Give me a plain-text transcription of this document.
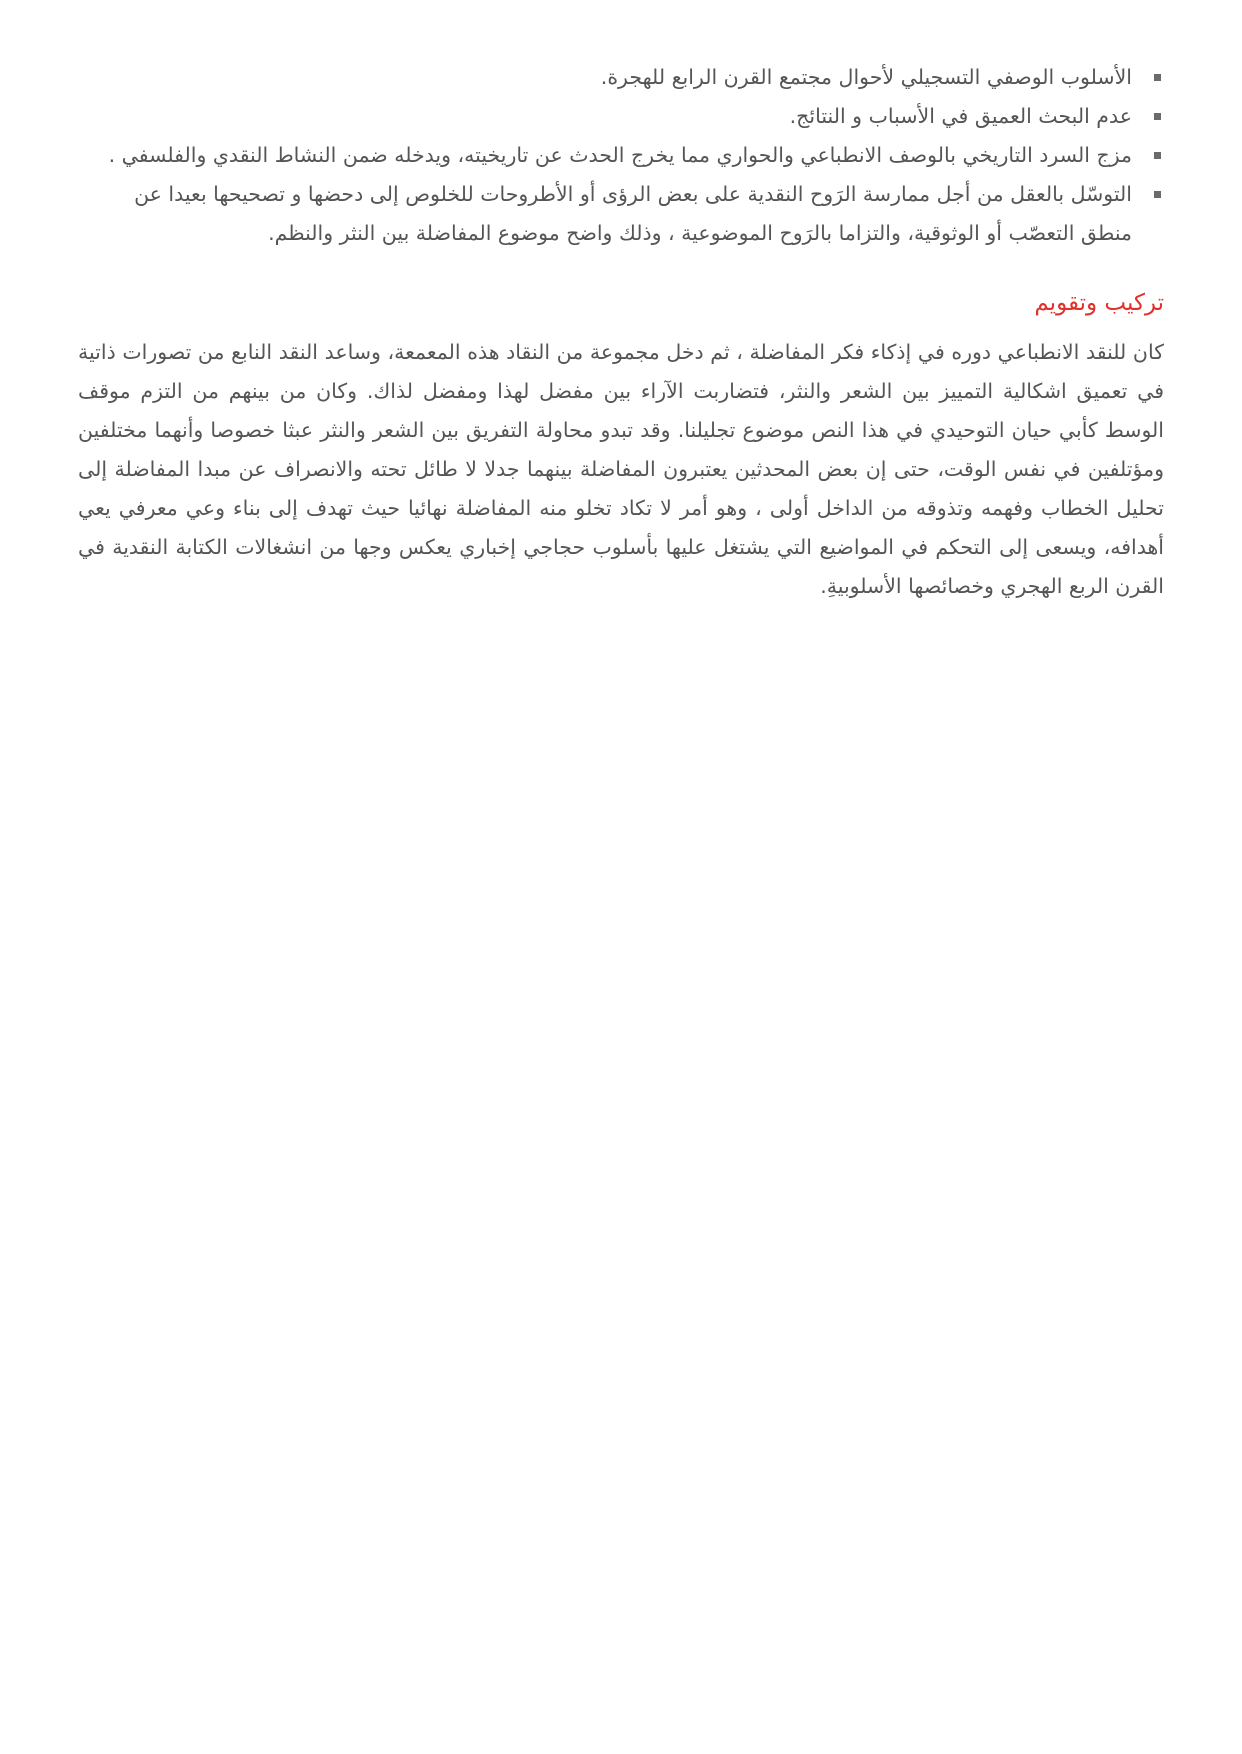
الأسلوب الوصفي التسجيلي لأحوال مجتمع القرن الرابع للهجرة.
عدم البحث العميق في الأسباب و النتائج.
مزج السرد التاريخي بالوصف الانطباعي والحواري مما يخرج الحدث عن تاريخيته، ويدخله ضمن النشاط النقدي والفلسفي .
التوسّل بالعقل من أجل ممارسة الرَوح النقدية على بعض الرؤى أو الأطروحات للخلوص إلى دحضها و تصحيحها بعيدا عن منطق التعصّب أو الوثوقية، والتزاما بالرَوح الموضوعية ، وذلك واضح موضوع المفاضلة بين النثر والنظم.
تركيب وتقويم

كان للنقد الانطباعي دوره في إذكاء فكر المفاضلة ، ثم دخل مجموعة من النقاد هذه المعمعة، وساعد النقد النابع من تصورات ذاتية في تعميق اشكالية التمييز بين الشعر والنثر، فتضاربت الآراء بين مفضل لهذا ومفضل لذاك. وكان من بينهم من التزم موقف الوسط كأبي حيان التوحيدي في هذا النص موضوع تجليلنا. وقد تبدو محاولة التفريق بين الشعر والنثر عبثا خصوصا وأنهما مختلفين ومؤتلفين في نفس الوقت، حتى إن بعض المحدثين يعتبرون المفاضلة بينهما جدلا لا طائل تحته والانصراف عن مبدا المفاضلة إلى تحليل الخطاب وفهمه وتذوقه من الداخل أولى ، وهو أمر لا تكاد تخلو منه المفاضلة نهائيا حيث تهدف إلى بناء وعي معرفي يعي أهدافه، ويسعى إلى التحكم في المواضيع التي يشتغل عليها بأسلوب حجاجي إخباري يعكس وجها من انشغالات الكتابة النقدية في القرن الربع الهجري وخصائصها الأسلوبيةِ.
